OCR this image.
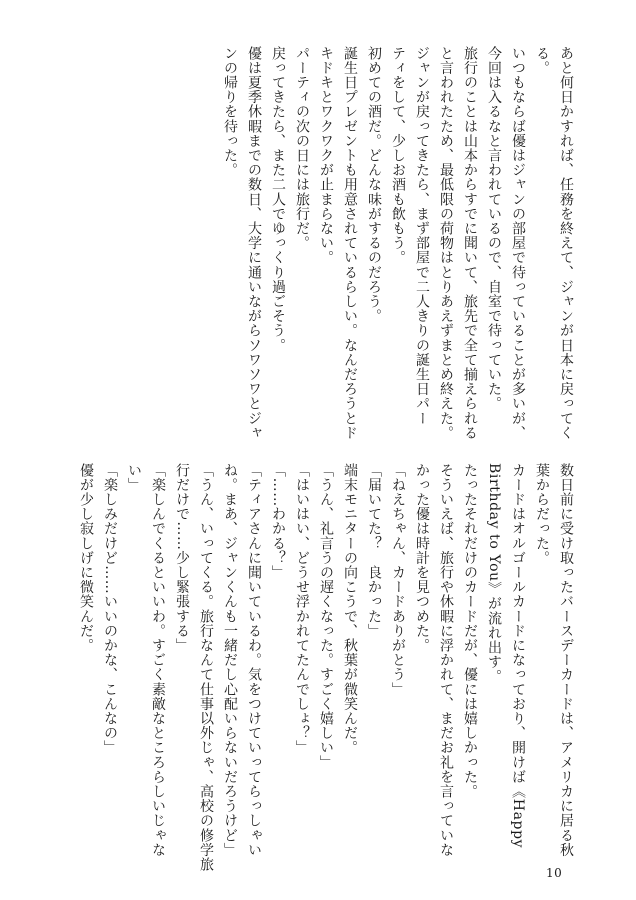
あと何日かすれば、任務を終えて、ジャンが日本に戻ってく

る。

いつもならば優はジャンの部屋で待っていることが多いが、

今回は入るなと言われているので、自室で待っていた。

旅行のことは山本からすでに聞いて、旅先で全て揃えられる

と言われたため、最低限の荷物はとりあえずまとめ終えた。

ジャンが戻ってきたら、まず部屋で二人きりの誕生日パー

ティをして、少しお酒も飲もう。

初めての酒だ。どんな味がするのだろう。

誕生日プレゼントも用意されているらしい。なんだろうとド

キドキとワクワクが止まらない。

パーティの次の日には旅行だ。

戻ってきたら、また二人でゆっくり過ごそう。

優は夏季休暇までの数日、大学に通いながらソワソワとジャ

ンの帰りを待った。

数日前に受け取ったバースデーカードは、アメリカに居る秋

葉からだった。

カードはオルゴールカードになっており、開けば《Happy

Birthday to You》が流れ出す。

たったそれだけのカードだが、優には嬉しかった。

そういえば、旅行や休暇に浮かれて、まだお礼を言っていな

かった優は時計を見つめた。

「ねえちゃん、カードありがとう」

「届いてた？　良かった」

端末モニターの向こうで、秋葉が微笑んだ。

「うん、礼言うの遅くなった。すごく嬉しい」

「はいはい、どうせ浮かれてたんでしょ？」

「……わかる？」

「ティアさんに聞いているわ。気をつけていってらっしゃい

ね。まあ、ジャンくんも一緒だし心配いらないだろうけど」

「うん、いってくる。旅行なんて仕事以外じゃ、高校の修学旅

行だけで……少し緊張する」

「楽しんでくるといいわ。すごく素敵なところらしいじゃな

い」

「楽しみだけど……いいのかな、こんなの」

優が少し寂しげに微笑んだ。

10
